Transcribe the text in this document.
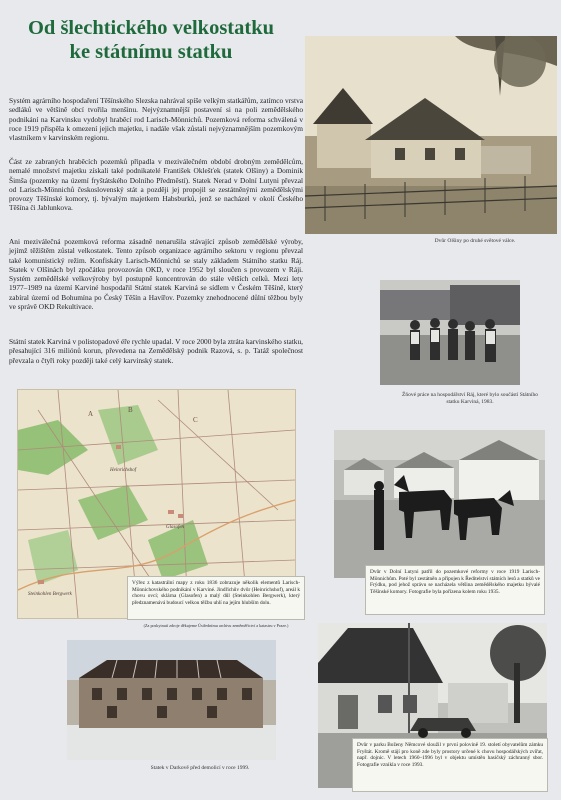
Od šlechtického velkostatku
ke státnímu statku

Systém agrárního hospodaření Těšínského Slezska nahrával spíše velkým statkářům, zatímco vrstva sedláků ve většině obcí tvořila menšinu. Nejvýznamnější postavení si na poli zemědělského podnikání na Karvinsku vydobyl hraběcí rod Larisch-Mönnichů. Pozemková reforma schválená v roce 1919 přispěla k omezení jejich majetku, i nadále však zůstali nejvýznamnějším pozemkovým vlastníkem v karvinském regionu.

Část ze zabraných hraběcích pozemků připadla v meziválečném období drobným zemědělcům, nemalé množství majetku získali také podnikatelé František Oklešťek (statek Olšiny) a Dominik Šimša (pozemky na území fryštátského Dolního Předměstí). Statek Nerad v Dolní Lutyni převzal od Larisch-Mönnichů československý stát a později jej propojil se zestátněnými zemědělskými provozy Těšínské komory, tj. bývalým majetkem Habsburků, jenž se nacházel v okolí Českého Těšína či Jablunkova.

Ani meziválečná pozemková reforma zásadně nenarušila stávající způsob zemědělské výroby, jejímž těžištěm zůstal velkostatek. Tento způsob organizace agrárního sektoru v regionu převzal také komunistický režim. Konfiskáty Larisch-Mönnichů se staly základem Státního statku Ráj. Statek v Olšinách byl zpočátku provozován OKD, v roce 1952 byl sloučen s provozem v Ráji. Systém zemědělské velkovýroby byl postupně koncentrován do stále větších celků. Mezi lety 1977–1989 na území Karviné hospodařil Státní statek Karviná se sídlem v Českém Těšíně, který zabíral území od Bohumína po Český Těšín a Havířov. Pozemky znehodnocené důlní těžbou byly ve správě OKD Rekultivace.

Státní statek Karviná v polistopadové éře rychle upadal. V roce 2000 byla ztráta karvinského statku, přesahující 316 miliónů korun, převedena na Zemědělský podnik Razová, s. p. Tatáž společnost převzala o čtyři roky později také celý karvinský statek.

Dvůr Olšiny po druhé světové válce.
Žňové práce na hospodářství Ráj, které bylo součástí Státního statku Karviná, 1983.
A	B
C
Heinrichshof
Glasofen
Steinkohlen Bergwerk
Výřez z katastrální mapy z roku 1836 zobrazuje několik elementů Larisch-Mönnichovského podnikání v Karviné. Jindřichův dvůr (Heinrichshof), areál k chovu ovcí; sklárna (Glasofen) a malý důl (Steinkohlen Bergwerk), který předznamenává budoucí velkou těžbu uhlí na jejím hlubším dolu.
(Za poskytnutí zdroje děkujeme Ústřednímu archivu zeměměřictví a katastru v Praze.)
Dvůr v Dolní Lutyni patřil do pozemkové reformy v roce 1919 Larisch-Mönnichům. Poté byl zestátněn a připojen k Ředitelství státních lesů a statků ve Frýdku, pod jehož správu se nacházela většina zemědělského majetku bývalé Těšínské komory. Fotografie byla pořízena kolem roku 1935.
Statek v Darkově před demolicí v roce 1999.
Dvůr v parku Boženy Němcové sloužil v první polovině 19. století obyvatelům zámku Fryštát. Kromě stájí pro koně zde byly prostory určené k chovu hospodářských zvířat, např. dojnic. V letech 1960–1996 byl v objektu umístěn hasičský záchranný sbor. Fotografie vznikla v roce 1993.
